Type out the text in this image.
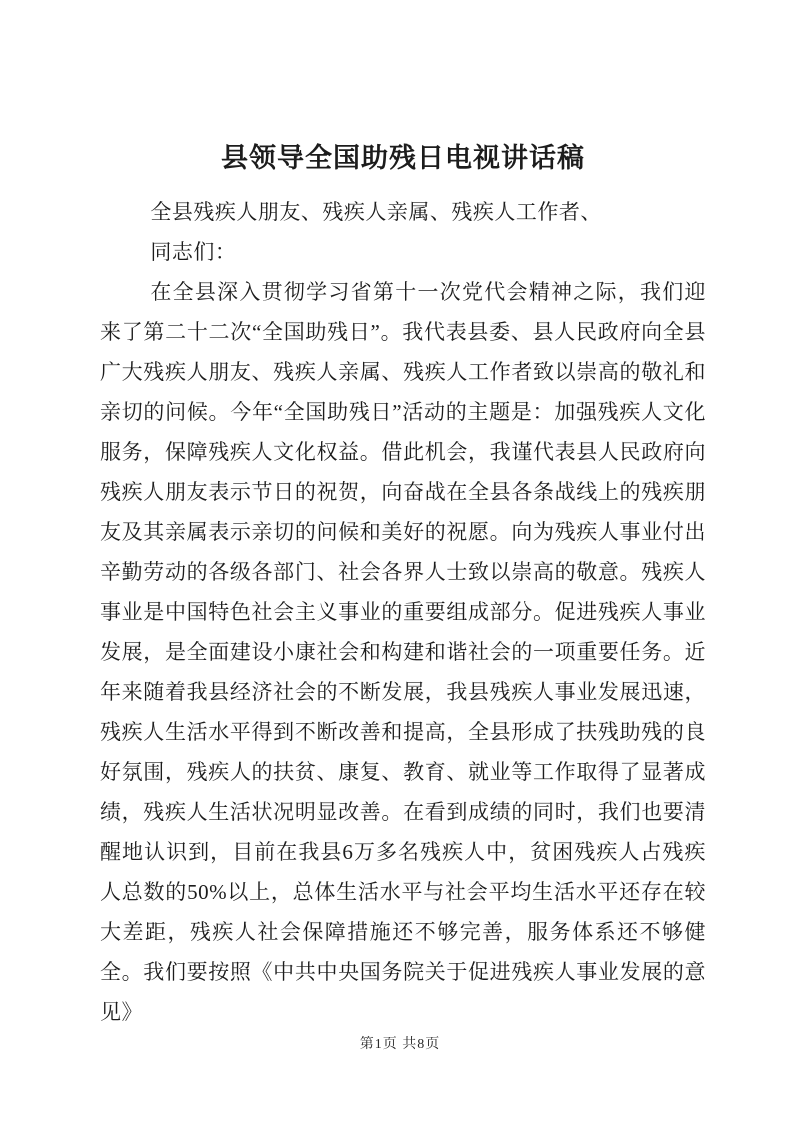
县领导全国助残日电视讲话稿

全县残疾人朋友、残疾人亲属、残疾人工作者、

同志们：

在全县深入贯彻学习省第十一次党代会精神之际，我们迎来了第二十二次“全国助残日”。我代表县委、县人民政府向全县广大残疾人朋友、残疾人亲属、残疾人工作者致以崇高的敬礼和亲切的问候。今年“全国助残日”活动的主题是：加强残疾人文化服务，保障残疾人文化权益。借此机会，我谨代表县人民政府向残疾人朋友表示节日的祝贺，向奋战在全县各条战线上的残疾朋友及其亲属表示亲切的问候和美好的祝愿。向为残疾人事业付出辛勤劳动的各级各部门、社会各界人士致以崇高的敬意。残疾人事业是中国特色社会主义事业的重要组成部分。促进残疾人事业发展，是全面建设小康社会和构建和谐社会的一项重要任务。近年来随着我县经济社会的不断发展，我县残疾人事业发展迅速，残疾人生活水平得到不断改善和提高，全县形成了扶残助残的良好氛围，残疾人的扶贫、康复、教育、就业等工作取得了显著成绩，残疾人生活状况明显改善。在看到成绩的同时，我们也要清醒地认识到，目前在我县6万多名残疾人中，贫困残疾人占残疾人总数的50%以上，总体生活水平与社会平均生活水平还存在较大差距，残疾人社会保障措施还不够完善，服务体系还不够健全。我们要按照《中共中央国务院关于促进残疾人事业发展的意见》

第1页 共8页
